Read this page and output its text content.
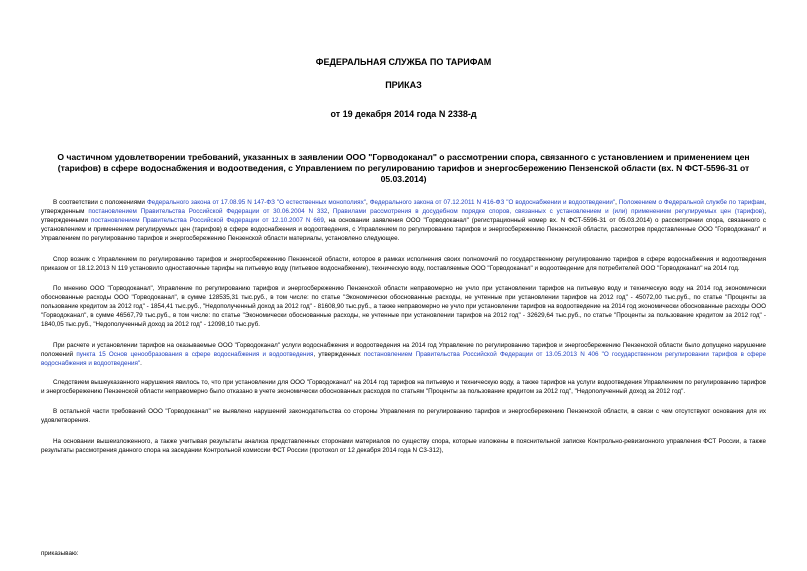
ФЕДЕРАЛЬНАЯ СЛУЖБА ПО ТАРИФАМ
ПРИКАЗ
от 19 декабря 2014 года N 2338-д
О частичном удовлетворении требований, указанных в заявлении ООО "Горводоканал" о рассмотрении спора, связанного с установлением и применением цен (тарифов) в сфере водоснабжения и водоотведения, с Управлением по регулированию тарифов и энергосбережению Пензенской области (вх. N ФСТ-5596-31 от 05.03.2014)

В соответствии с положениями Федерального закона от 17.08.95 N 147-ФЗ "О естественных монополиях", Федерального закона от 07.12.2011 N 416-ФЗ "О водоснабжении и водоотведении", Положением о Федеральной службе по тарифам, утвержденным постановлением Правительства Российской Федерации от 30.06.2004 N 332, Правилами рассмотрения в досудебном порядке споров, связанных с установлением и (или) применением регулируемых цен (тарифов), утвержденными постановлением Правительства Российской Федерации от 12.10.2007 N 669, на основании заявления ООО "Горводоканал" (регистрационный номер вх. N ФСТ-5596-31 от 05.03.2014) о рассмотрении спора, связанного с установлением и применением регулируемых цен (тарифов) в сфере водоснабжения и водоотведения, с Управлением по регулированию тарифов и энергосбережению Пензенской области, рассмотрев представленные ООО "Горводоканал" и Управлением по регулированию тарифов и энергосбережению Пензенской области материалы, установлено следующее.

Спор возник с Управлением по регулированию тарифов и энергосбережению Пензенской области, которое в рамках исполнения своих полномочий по государственному регулированию тарифов в сфере водоснабжения и водоотведения приказом от 18.12.2013 N 119 установило одноставочные тарифы на питьевую воду (питьевое водоснабжение), техническую воду, поставляемые ООО "Горводоканал" и водоотведение для потребителей ООО "Горводоканал" на 2014 год.

По мнению ООО "Горводоканал", Управление по регулированию тарифов и энергосбережению Пензенской области неправомерно не учло при установлении тарифов на питьевую воду и техническую воду на 2014 год экономически обоснованные расходы ООО "Горводоканал", в сумме 128535,31 тыс.руб., в том числе: по статье "Экономически обоснованные расходы, не учтенные при установлении тарифов на 2012 год" - 45072,00 тыс.руб., по статье "Проценты за пользование кредитом за 2012 год" - 1854,41 тыс.руб., "Недополученный доход за 2012 год" - 81608,90 тыс.руб., а также неправомерно не учло при установлении тарифов на водоотведение на 2014 год экономически обоснованные расходы ООО "Горводоканал", в сумме 46567,79 тыс.руб., в том числе: по статье "Экономически обоснованные расходы, не учтенные при установлении тарифов на 2012 год" - 32629,64 тыс.руб., по статье "Проценты за пользование кредитом за 2012 год" - 1840,05 тыс.руб., "Недополученный доход за 2012 год" - 12098,10 тыс.руб.

При расчете и установлении тарифов на оказываемые ООО "Горводоканал" услуги водоснабжения и водоотведения на 2014 год Управление по регулированию тарифов и энергосбережению Пензенской области было допущено нарушение положений пункта 15 Основ ценообразования в сфере водоснабжения и водоотведения, утвержденных постановлением Правительства Российской Федерации от 13.05.2013 N 406 "О государственном регулировании тарифов в сфере водоснабжения и водоотведения".

Следствием вышеуказанного нарушения явилось то, что при установлении для ООО "Горводоканал" на 2014 год тарифов на питьевую и техническую воду, а также тарифов на услуги водоотведения Управлением по регулированию тарифов и энергосбережению Пензенской области неправомерно было отказано в учете экономически обоснованных расходов по статьям "Проценты за пользование кредитом за 2012 год", "Недополученный доход за 2012 год".

В остальной части требований ООО "Горводоканал" не выявлено нарушений законодательства со стороны Управления по регулированию тарифов и энергосбережению Пензенской области, в связи с чем отсутствуют основания для их удовлетворения.

На основании вышеизложенного, а также учитывая результаты анализа представленных сторонами материалов по существу спора, которые изложены в пояснительной записке Контрольно-ревизионного управления ФСТ России, а также результаты рассмотрения данного спора на заседании Контрольной комиссии ФСТ России (протокол от 12 декабря 2014 года N С3-312),

приказываю:
